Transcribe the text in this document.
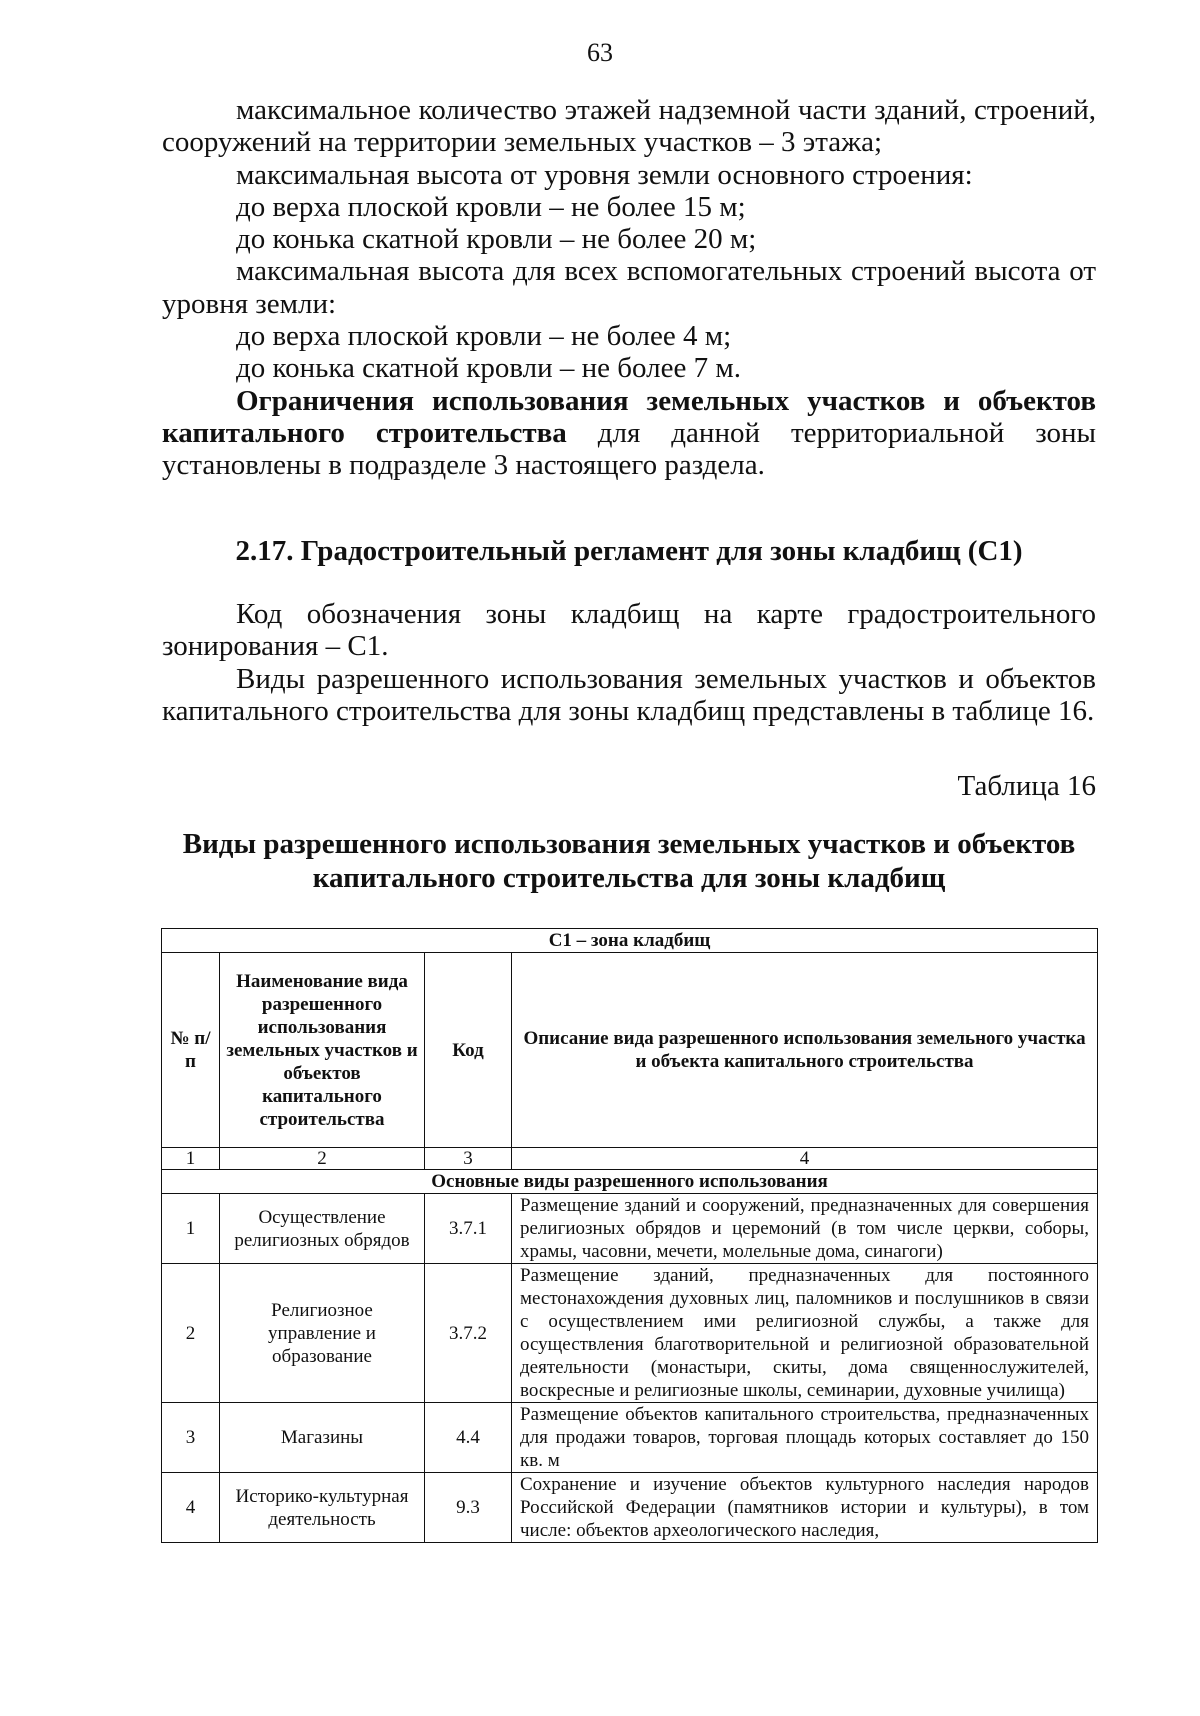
63

максимальное количество этажей надземной части зданий, строений, сооружений на территории земельных участков – 3 этажа;

максимальная высота от уровня земли основного строения:

до верха плоской кровли – не более 15 м;

до конька скатной кровли – не более 20 м;

максимальная высота для всех вспомогательных строений высота от уровня земли:

до верха плоской кровли – не более 4 м;

до конька скатной кровли – не более 7 м.

Ограничения использования земельных участков и объектов капитального строительства для данной территориальной зоны установлены в подразделе 3 настоящего раздела.

2.17. Градостроительный регламент для зоны кладбищ (С1)

Код обозначения зоны кладбищ на карте градостроительного зонирования – С1.

Виды разрешенного использования земельных участков и объектов капитального строительства для зоны кладбищ представлены в таблице 16.

Таблица 16
Виды разрешенного использования земельных участков и объектов капитального строительства для зоны кладбищ
С1 – зона кладбищ			
№ п/п	Наименование вида разрешенного использования земельных участков и объектов капитального строительства	Код	Описание вида разрешенного использования земельного участка и объекта капитального строительства
1	2	3	4
Основные виды разрешенного использования			
1	Осуществление религиозных обрядов	3.7.1	Размещение зданий и сооружений, предназначенных для совершения религиозных обрядов и церемоний (в том числе церкви, соборы, храмы, часовни, мечети, молельные дома, синагоги)
2	Религиозное управление и образование	3.7.2	Размещение зданий, предназначенных для постоянного местонахождения духовных лиц, паломников и послушников в связи с осуществлением ими религиозной службы, а также для осуществления благотворительной и религиозной образовательной деятельности (монастыри, скиты, дома священнослужителей, воскресные и религиозные школы, семинарии, духовные училища)
3	Магазины	4.4	Размещение объектов капитального строительства, предназначенных для продажи товаров, торговая площадь которых составляет до 150 кв. м
4	Историко-культурная деятельность	9.3	Сохранение и изучение объектов культурного наследия народов Российской Федерации (памятников истории и культуры), в том числе: объектов археологического наследия,
